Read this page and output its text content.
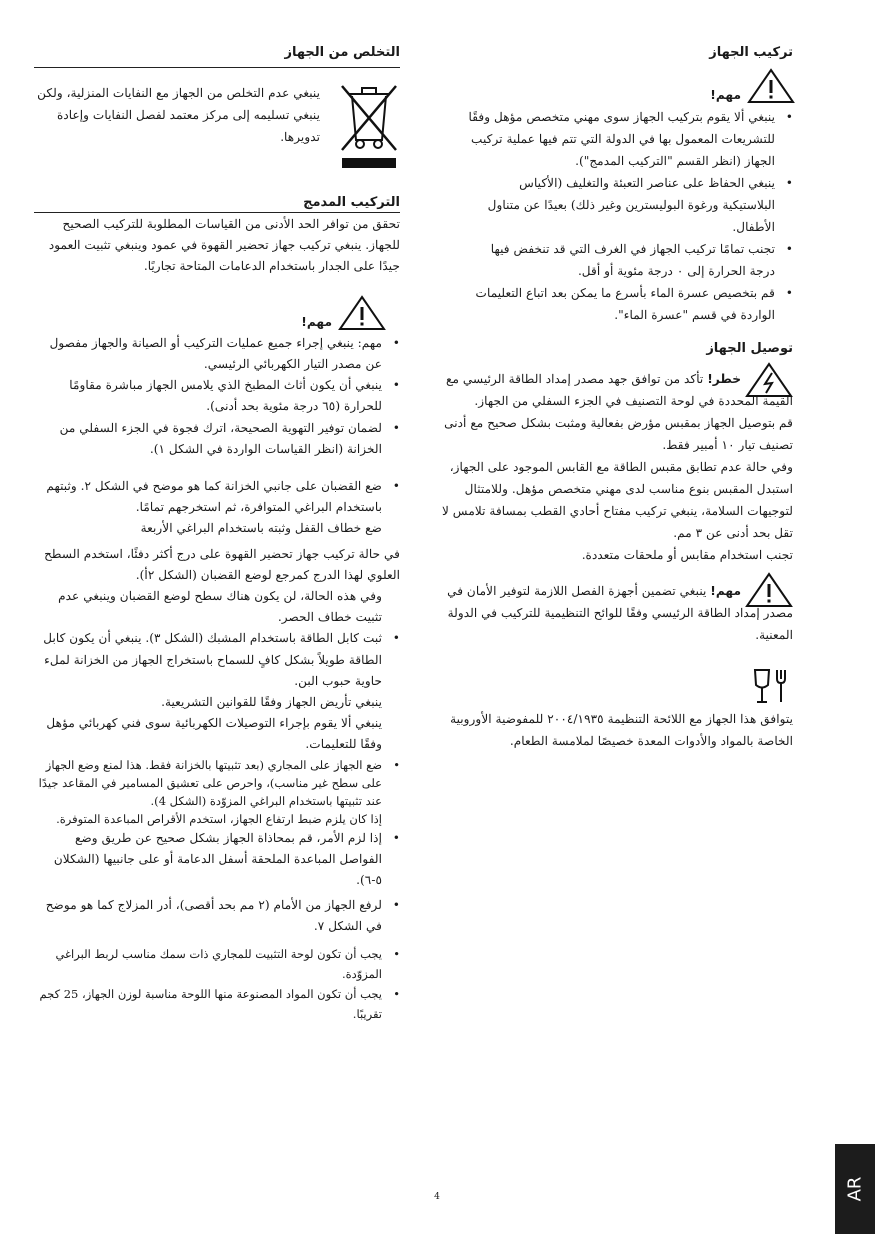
تركيب الجهاز
مهم!

• ينبغي ألا يقوم بتركيب الجهاز سوى مهني متخصص مؤهل وفقًا للتشريعات المعمول بها في الدولة التي تتم فيها عملية تركيب الجهاز (انظر القسم "التركيب المدمج").

• ينبغي الحفاظ على عناصر التعبئة والتغليف (الأكياس البلاستيكية ورغوة البوليسترين وغير ذلك) بعيدًا عن متناول الأطفال.

• تجنب تمامًا تركيب الجهاز في الغرف التي قد تنخفض فيها درجة الحرارة إلى ٠ درجة مئوية أو أقل.

• قم بتخصيص عسرة الماء بأسرع ما يمكن بعد اتباع التعليمات الواردة في قسم "عسرة الماء".

توصيل الجهاز

خطر! تأكد من توافق جهد مصدر إمداد الطاقة الرئيسي مع القيمة المحددة في لوحة التصنيف في الجزء السفلي من الجهاز.

قم بتوصيل الجهاز بمقبس مؤرض بفعالية ومثبت بشكل صحيح مع أدنى تصنيف تيار ١٠ أمبير فقط.

وفي حالة عدم تطابق مقبس الطاقة مع القابس الموجود على الجهاز، استبدل المقبس بنوع مناسب لدى مهني متخصص مؤهل. وللامتثال لتوجيهات السلامة، ينبغي تركيب مفتاح أحادي القطب بمسافة تلامس لا تقل بحد أدنى عن ٣ مم.

تجنب استخدام مقابس أو ملحقات متعددة.

مهم! ينبغي تضمين أجهزة الفصل اللازمة لتوفير الأمان في مصدر إمداد الطاقة الرئيسي وفقًا للوائح التنظيمية للتركيب في الدولة المعنية.

يتوافق هذا الجهاز مع اللائحة التنظيمة ٢٠٠٤/١٩٣٥ للمفوضية الأوروبية الخاصة بالمواد والأدوات المعدة خصيصًا لملامسة الطعام.

التخلص من الجهاز

ينبغي عدم التخلص من الجهاز مع النفايات المنزلية، ولكن ينبغي تسليمه إلى مركز معتمد لفصل النفايات وإعادة تدويرها.

التركيب المدمج

تحقق من توافر الحد الأدنى من القياسات المطلوبة للتركيب الصحيح للجهاز. ينبغي تركيب جهاز تحضير القهوة في عمود وينبغي تثبيت العمود جيدًا على الجدار باستخدام الدعامات المتاحة تجاريًا.

مهم!

• مهم: ينبغي إجراء جميع عمليات التركيب أو الصيانة والجهاز مفصول عن مصدر التيار الكهربائي الرئيسي.

• ينبغي أن يكون أثاث المطبخ الذي يلامس الجهاز مباشرة مقاومًا للحرارة (٦٥ درجة مئوية بحد أدنى).

• لضمان توفير التهوية الصحيحة، اترك فجوة في الجزء السفلي من الخزانة (انظر القياسات الواردة في الشكل ١).

• ضع القضبان على جانبي الخزانة كما هو موضح في الشكل ٢. وثبتهم باستخدام البراغي المتوافرة، ثم استخرجهم تمامًا.

ضع خطاف القفل وثبته باستخدام البراغي الأربعة

في حالة تركيب جهاز تحضير القهوة على درج أكثر دفئًا، استخدم السطح العلوي لهذا الدرج كمرجع لوضع القضبان (الشكل ٢أ).

وفي هذه الحالة، لن يكون هناك سطح لوضع القضبان وينبغي عدم تثبيت خطاف الحصر.

• ثبت كابل الطاقة باستخدام المشبك (الشكل ٣). ينبغي أن يكون كابل الطاقة طويلاً بشكل كافٍ للسماح باستخراج الجهاز من الخزانة لملء حاوية حبوب البن.

ينبغي تأريض الجهاز وفقًا للقوانين التشريعية.

ينبغي ألا يقوم بإجراء التوصيلات الكهربائية سوى فني كهربائي مؤهل وفقًا للتعليمات.

• ضع الجهاز على المجاري (بعد تثبيتها بالخزانة فقط. هذا لمنع وضع الجهاز على سطح غير مناسب)، واحرص على تعشيق المسامير في المقاعد جيدًا عند تثبيتها باستخدام البراغي المزوّدة (الشكل 4).

إذا كان يلزم ضبط ارتفاع الجهاز، استخدم الأقراص المباعدة المتوفرة.

• إذا لزم الأمر، قم بمحاذاة الجهاز بشكل صحيح عن طريق وضع الفواصل المباعدة الملحقة أسفل الدعامة أو على جانبيها (الشكلان ٥-٦).

• لرفع الجهاز من الأمام (٢ مم بحد أقصى)، أدر المزلاج كما هو موضح في الشكل ٧.

• يجب أن تكون لوحة التثبيت للمجاري ذات سمك مناسب لربط البراغي المزوّدة.

• يجب أن تكون المواد المصنوعة منها اللوحة مناسبة لوزن الجهاز، 25 كجم تقريبًا.

4	AR
